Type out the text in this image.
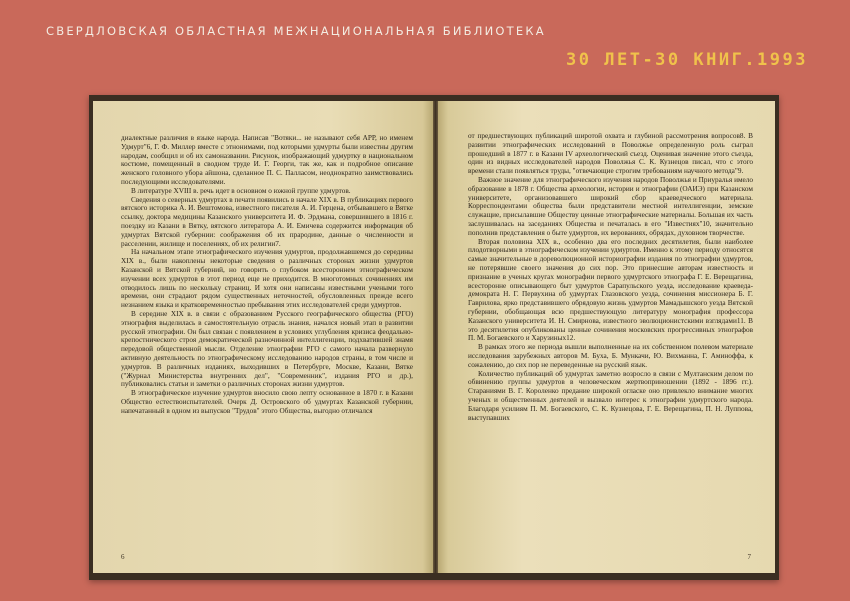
СВЕРДЛОВСКАЯ ОБЛАСТНАЯ МЕЖНАЦИОНАЛЬНАЯ БИБЛИОТЕКА
30 ЛЕТ-30 КНИГ.1993

диалектные различия в языке народа. Написав "Вотяки... не называют себя АРР, но именем Удмурт"6, Г. Ф. Миллер вместе с этнонимами, под которыми удмурты были известны другим народам, сообщил и об их самоназвании. Рисунок, изображающий удмуртку в национальном костюме, помещенный в сводном труде И. Г. Георги, так же, как и подробное описание женского головного убора айшона, сделанное П. С. Палласом, неоднократно заимствовались последующими исследователями.

В литературе XVIII в. речь идет в основном о южной группе удмуртов.

Сведения о северных удмуртах в печати появились в начале XIX в. В публикациях первого вятского историка А. И. Вештомова, известного писателя А. И. Герцена, отбывавшего в Вятке ссылку, доктора медицины Казанского университета И. Ф. Эрдмана, совершившего в 1816 г. поездку из Казани в Вятку, вятского литератора А. И. Емичева содержится информация об удмуртах Вятской губернии: соображения об их прародине, данные о численности и расселении, жилище и поселениях, об их религии7.

На начальном этапе этнографического изучения удмуртов, продолжавшемся до середины XIX в., были накоплены некоторые сведения о различных сторонах жизни удмуртов Казанской и Вятской губерний, но говорить о глубоком всестороннем этнографическом изучении всех удмуртов в этот период еще не приходится. В многотомных сочинениях им отводилось лишь по нескольку страниц. И хотя они написаны известными учеными того времени, они страдают рядом существенных неточностей, обусловленных прежде всего незнанием языка и кратковременностью пребывания этих исследователей среди удмуртов.

В середине XIX в. в связи с образованием Русского географического общества (РГО) этнография выделилась в самостоятельную отрасль знания, начался новый этап в развитии русской этнографии. Он был связан с появлением в условиях углубления кризиса феодально-крепостнического строя демократической разночинной интеллигенции, подхватившей знамя передовой общественной мысли. Отделение этнографии РГО с самого начала развернуло активную деятельность по этнографическому исследованию народов страны, в том числе и удмуртов. В различных изданиях, выходивших в Петербурге, Москве, Казани, Вятке ("Журнал Министерства внутренних дел", "Современник", издания РГО и др.), публиковались статьи и заметки о различных сторонах жизни удмуртов.

В этнографическое изучение удмуртов вносило свою лепту основанное в 1870 г. в Казани Общество естествоиспытателей. Очерк Д. Островского об удмуртах Казанской губернии, напечатанный в одном из выпусков "Трудов" этого Общества, выгодно отличался

6

от предшествующих публикаций широтой охвата и глубиной рассмотрения вопросов8. В развитии этнографических исследований в Поволжье определенную роль сыграл прошедший в 1877 г. в Казани IV археологический съезд. Оценивая значение этого съезда, один из видных исследователей народов Поволжья С. К. Кузнецов писал, что с этого времени стали появляться труды, "отвечающие строгим требованиям научного метода"9.

Важное значение для этнографического изучения народов Поволжья и Приуралья имело образование в 1878 г. Общества археологии, истории и этнографии (ОАИЭ) при Казанском университете, организовавшего широкий сбор краеведческого материала. Корреспондентами общества были представители местной интеллигенции, земские служащие, присылавшие Обществу ценные этнографические материалы. Большая их часть заслушивалась на заседаниях Общества и печаталась в его "Известиях"10, значительно пополнив представления о быте удмуртов, их верованиях, обрядах, духовном творчестве.

Вторая половина XIX в., особенно два его последних десятилетия, были наиболее плодотворными в этнографическом изучении удмуртов. Именно к этому периоду относятся самые значительные в дореволюционной историографии издания по этнографии удмуртов, не потерявшие своего значения до сих пор. Это принесшие авторам известность и признание в ученых кругах монографии первого удмуртского этнографа Г. Е. Верещагина, всесторонне описывающего быт удмуртов Сарапульского уезда, исследование краеведа-демократа Н. Г. Первухина об удмуртах Глазовского уезда, сочинения миссионера Б. Г. Гаврилова, ярко представившего обрядовую жизнь удмуртов Мамадышского уезда Вятской губернии, обобщающая всю предшествующую литературу монография профессора Казанского университета И. Н. Смирнова, известного эволюционистскими взглядами11. В это десятилетия опубликованы ценные сочинения московских прогрессивных этнографов П. М. Богаевского и Харузиных12.

В рамках этого же периода вышли выполненные на их собственном полевом материале исследования зарубежных авторов М. Буха, Б. Мункачи, Ю. Вихманна, Г. Аминоффа, к сожалению, до сих пор не переведенные на русский язык.

Количество публикаций об удмуртах заметно возросло в связи с Мултанским делом по обвинению группы удмуртов в человеческом жертвоприношении (1892 - 1896 гг.). Стараниями В. Г. Короленко предание широкой огласке оно привлекло внимание многих ученых и общественных деятелей и вызвало интерес к этнографии удмуртского народа. Благодаря усилиям П. М. Богаевского, С. К. Кузнецова, Г. Е. Верещагина, П. Н. Луппова, выступавших

7
